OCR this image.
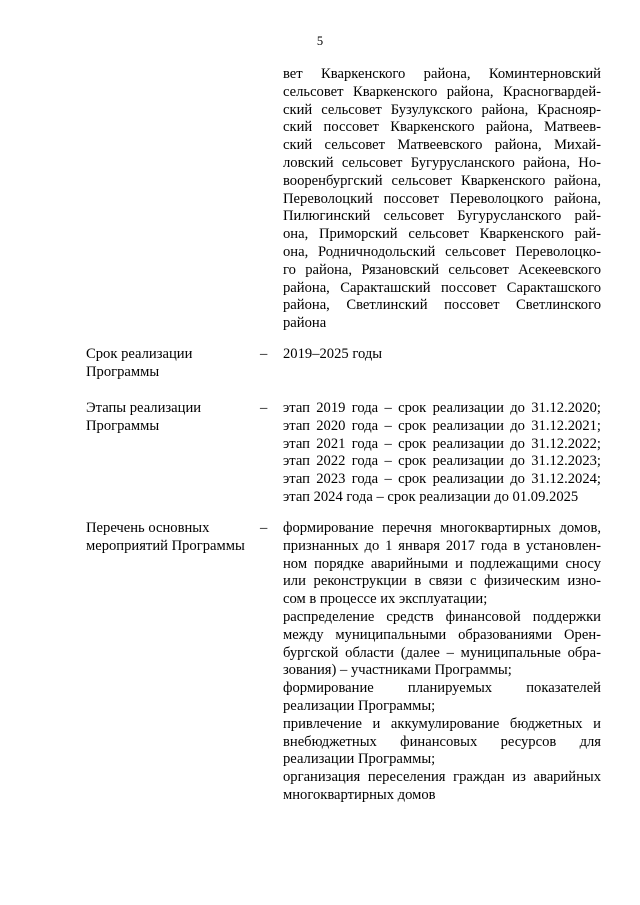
5
вет Кваркенского района, Коминтерновский
сельсовет Кваркенского района, Красногвардей-
ский сельсовет Бузулукского района, Краснояр-
ский поссовет Кваркенского района, Матвеев-
ский сельсовет Матвеевского района, Михай-
ловский сельсовет Бугурусланского района, Но-
вооренбургский сельсовет Кваркенского района,
Переволоцкий поссовет Переволоцкого района,
Пилюгинский сельсовет Бугурусланского рай-
она, Приморский сельсовет Кваркенского рай-
она, Родничнодольский сельсовет Переволоцко-
го района, Рязановский сельсовет Асекеевского
района, Саракташский поссовет Саракташского
района, Светлинский поссовет Светлинского
района
Срок реализации
Программы
– 2019–2025 годы
Этапы реализации
Программы
– этап 2019 года – срок реализации до 31.12.2020;
этап 2020 года – срок реализации до 31.12.2021;
этап 2021 года – срок реализации до 31.12.2022;
этап 2022 года – срок реализации до 31.12.2023;
этап 2023 года – срок реализации до 31.12.2024;
этап 2024 года – срок реализации до 01.09.2025
Перечень основных
мероприятий Программы
– формирование перечня многоквартирных домов,
признанных до 1 января 2017 года в установлен-
ном порядке аварийными и подлежащими сносу
или реконструкции в связи с физическим изно-
сом в процессе их эксплуатации;
распределение средств финансовой поддержки
между муниципальными образованиями Орен-
бургской области (далее – муниципальные обра-
зования) – участниками Программы;
формирование планируемых показателей
реализации Программы;
привлечение и аккумулирование бюджетных и
внебюджетных финансовых ресурсов для
реализации Программы;
организация переселения граждан из аварийных
многоквартирных домов
